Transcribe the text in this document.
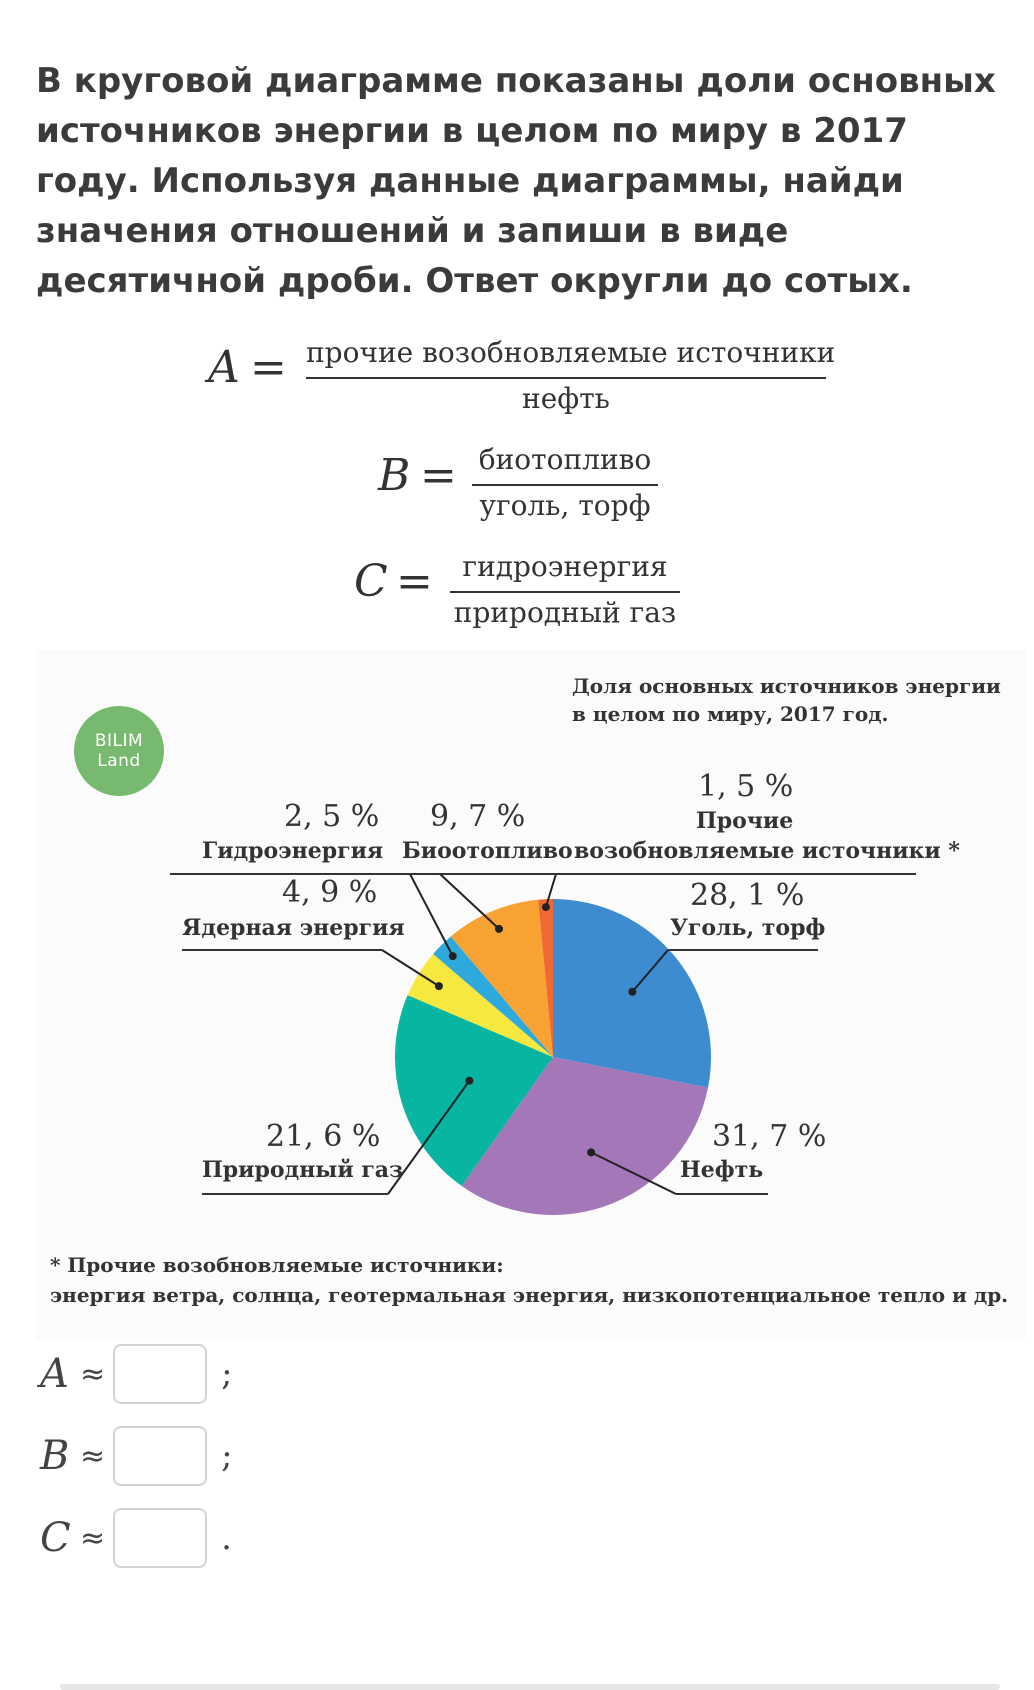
В круговой диаграмме показаны доли основных источников энергии в целом по миру в 2017 году. Используя данные диаграммы, найди значения отношений и запиши в виде десятичной дроби. Ответ округли до сотых.

A = прочие возобновляемые источники
нефть
B = биотопливо
уголь, торф
C =	гидроэнергия
природный газ
BILIM
Land
Доля основных источников энергии в целом по миру, 2017 год.
28, 1 %
Уголь, торф
31, 7 %
Нефть
21, 6 %
Природный газ
4, 9 %
Ядерная энергия
2, 5 %
Гидроэнергия
9, 7 %
Биоотопливо
1, 5 %
Прочие
возобновляемые источники *
* Прочие возобновляемые источники:
энергия ветра, солнца, геотермальная энергия, низкопотенциальное тепло и др.
A ≈	;
B ≈	;
C ≈	.
